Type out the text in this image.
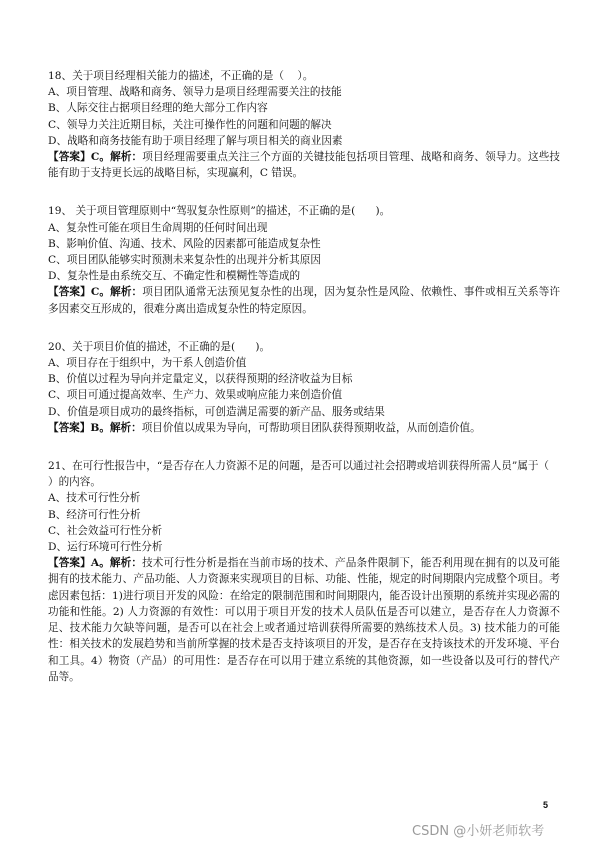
18、关于项目经理相关能力的描述，不正确的是（    ）。
A、项目管理、战略和商务、领导力是项目经理需要关注的技能
B、人际交往占据项目经理的绝大部分工作内容
C、领导力关注近期目标，关注可操作性的问题和问题的解决
D、战略和商务技能有助于项目经理了解与项目相关的商业因素
【答案】C。解析：项目经理需要重点关注三个方面的关键技能包括项目管理、战略和商务、领导力。这些技能有助于支持更长远的战略目标，实现赢利，C 错误。
19、 关于项目管理原则中“驾驭复杂性原则”的描述，不正确的是(      )。
A、复杂性可能在项目生命周期的任何时间出现
B、影响价值、沟通、技术、风险的因素都可能造成复杂性
C、项目团队能够实时预测未来复杂性的出现并分析其原因
D、复杂性是由系统交互、不确定性和模糊性等造成的
【答案】C。解析：项目团队通常无法预见复杂性的出现，因为复杂性是风险、依赖性、事件或相互关系等许多因素交互形成的，很难分离出造成复杂性的特定原因。
20、关于项目价值的描述，不正确的是(      )。
A、项目存在于组织中，为干系人创造价值
B、价值以过程为导向并定量定义，以获得预期的经济收益为目标
C、项目可通过提高效率、生产力、效果或响应能力来创造价值
D、价值是项目成功的最终指标，可创造满足需要的新产品、服务或结果
【答案】B。解析：项目价值以成果为导向，可帮助项目团队获得预期收益，从而创造价值。
21、在可行性报告中，“是否存在人力资源不足的问题，是否可以通过社会招聘或培训获得所需人员”属于（    ）的内容。
A、技术可行性分析
B、经济可行性分析
C、社会效益可行性分析
D、运行环境可行性分析
【答案】A。解析：技术可行性分析是指在当前市场的技术、产品条件限制下，能否利用现在拥有的以及可能拥有的技术能力、产品功能、人力资源来实现项目的目标、功能、性能，规定的时间期限内完成整个项目。考虑因素包括：1)进行项目开发的风险：在给定的限制范围和时间期限内，能否设计出预期的系统并实现必需的功能和性能。2) 人力资源的有效性：可以用于项目开发的技术人员队伍是否可以建立，是否存在人力资源不足、技术能力欠缺等问题，是否可以在社会上或者通过培训获得所需要的熟练技术人员。3) 技术能力的可能性：相关技术的发展趋势和当前所掌握的技术是否支持该项目的开发，是否存在支持该技术的开发环境、平台和工具。4）物资（产品）的可用性：是否存在可以用于建立系统的其他资源，如一些设备以及可行的替代产品等。
5
CSDN @小妍老师软考
